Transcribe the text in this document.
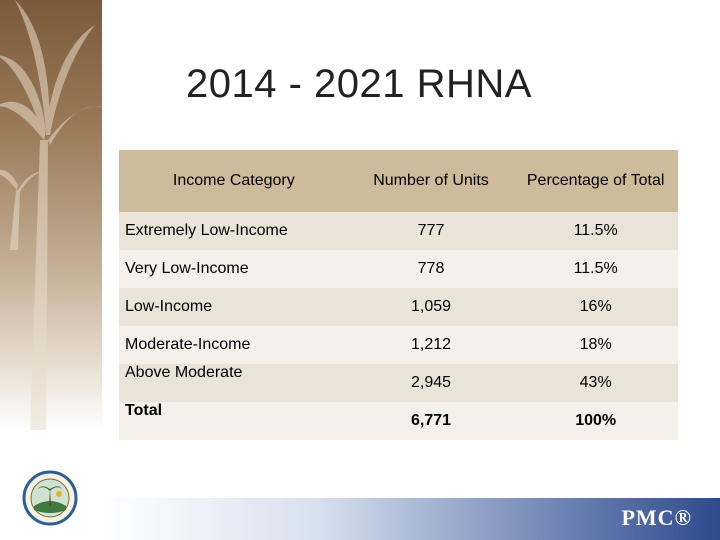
2014 - 2021 RHNA
Income Category	Number of Units	Percentage of Total
Extremely Low-Income	777	11.5%
Very Low-Income	778	11.5%
Low-Income	1,059	16%
Moderate-Income	1,212	18%
Above Moderate	2,945	43%
Total	6,771	100%
PMC®
